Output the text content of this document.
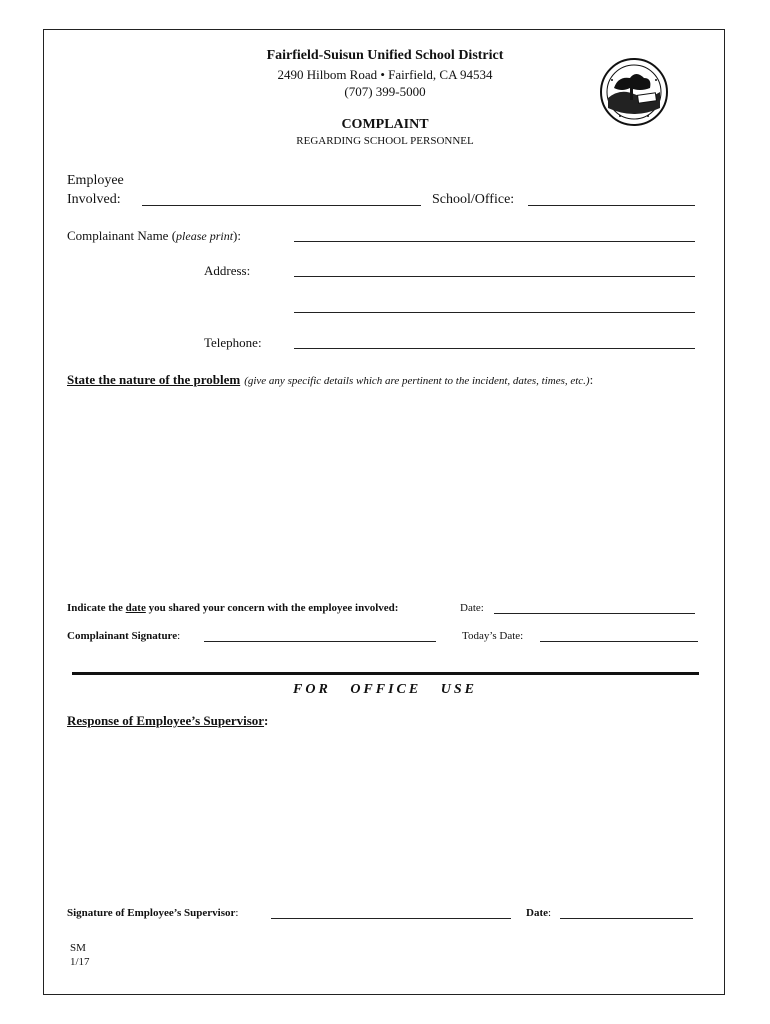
Fairfield-Suisun Unified School District
2490 Hilbom Road • Fairfield, CA 94534
(707) 399-5000
COMPLAINT
REGARDING SCHOOL PERSONNEL
Employee
Involved:	School/Office:
Complainant Name (please print):
Address:
Telephone:
State the nature of the problem (give any specific details which are pertinent to the incident, dates, times, etc.):
Indicate the date you shared your concern with the employee involved:	Date:
Complainant Signature:	Today’s Date:
FOR   OFFICE   USE
Response of Employee’s Supervisor:
Signature of Employee’s Supervisor:	Date:
SM
1/17
